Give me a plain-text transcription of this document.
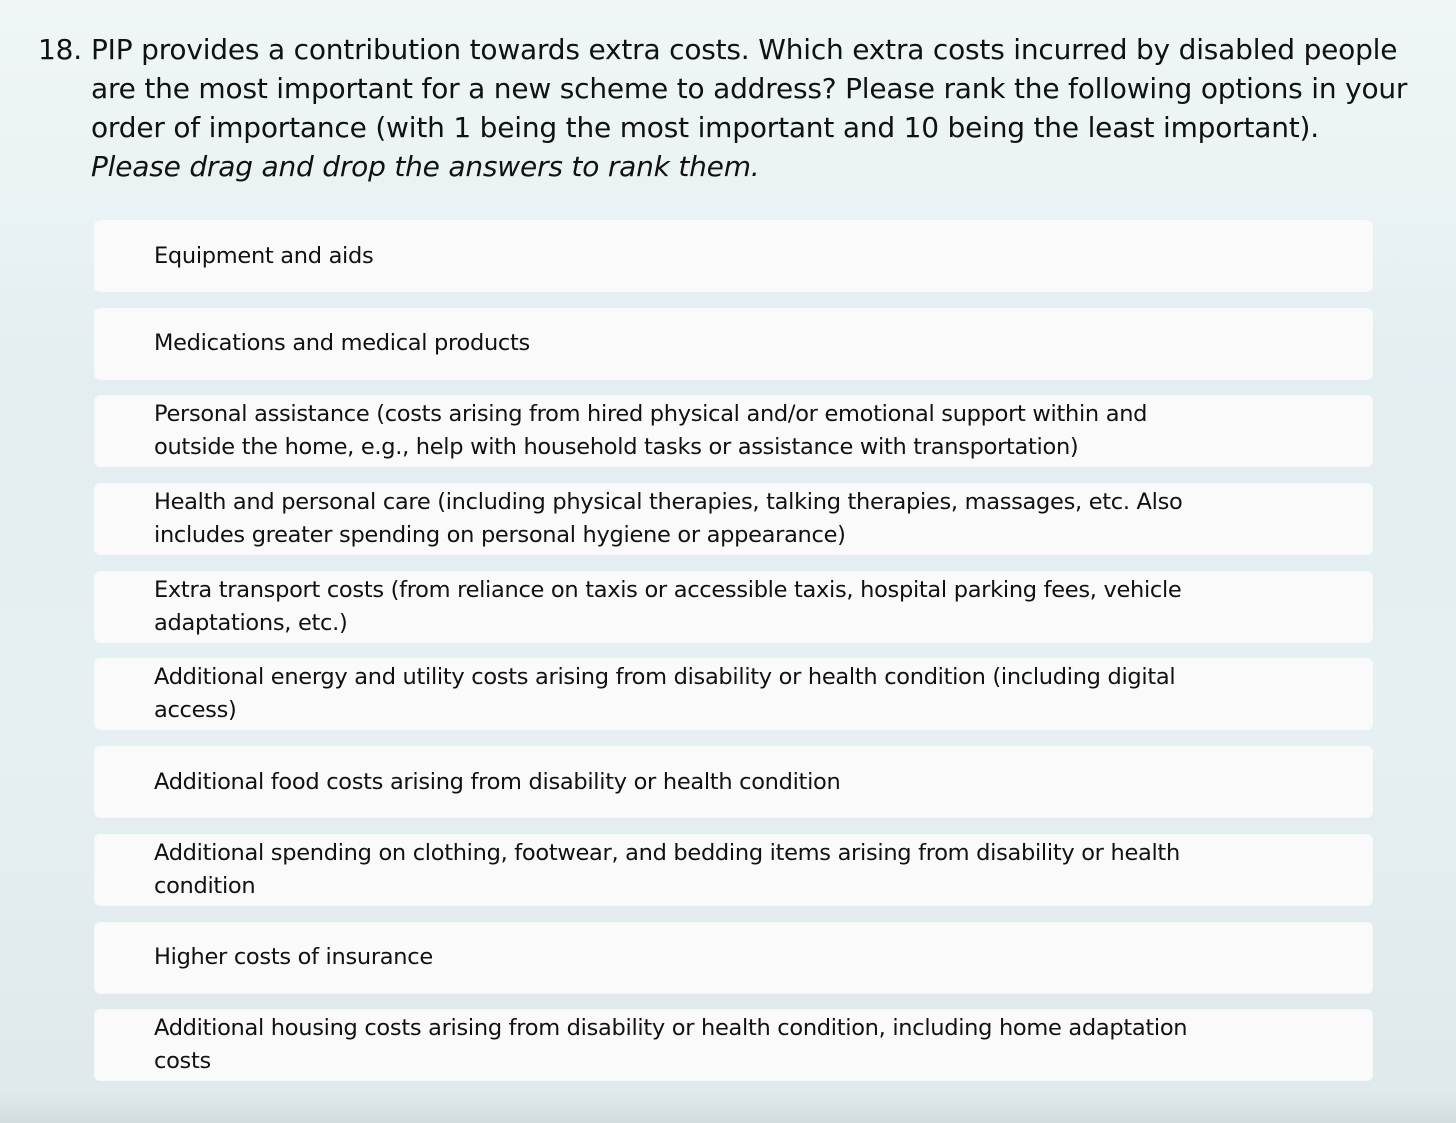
18. PIP provides a contribution towards extra costs. Which extra costs incurred by disabled people are the most important for a new scheme to address? Please rank the following options in your order of importance (with 1 being the most important and 10 being the least important).
Please drag and drop the answers to rank them.
Equipment and aids
Medications and medical products
Personal assistance (costs arising from hired physical and/or emotional support within and outside the home, e.g., help with household tasks or assistance with transportation)
Health and personal care (including physical therapies, talking therapies, massages, etc. Also includes greater spending on personal hygiene or appearance)
Extra transport costs (from reliance on taxis or accessible taxis, hospital parking fees, vehicle adaptations, etc.)
Additional energy and utility costs arising from disability or health condition (including digital access)
Additional food costs arising from disability or health condition
Additional spending on clothing, footwear, and bedding items arising from disability or health condition
Higher costs of insurance
Additional housing costs arising from disability or health condition, including home adaptation costs
